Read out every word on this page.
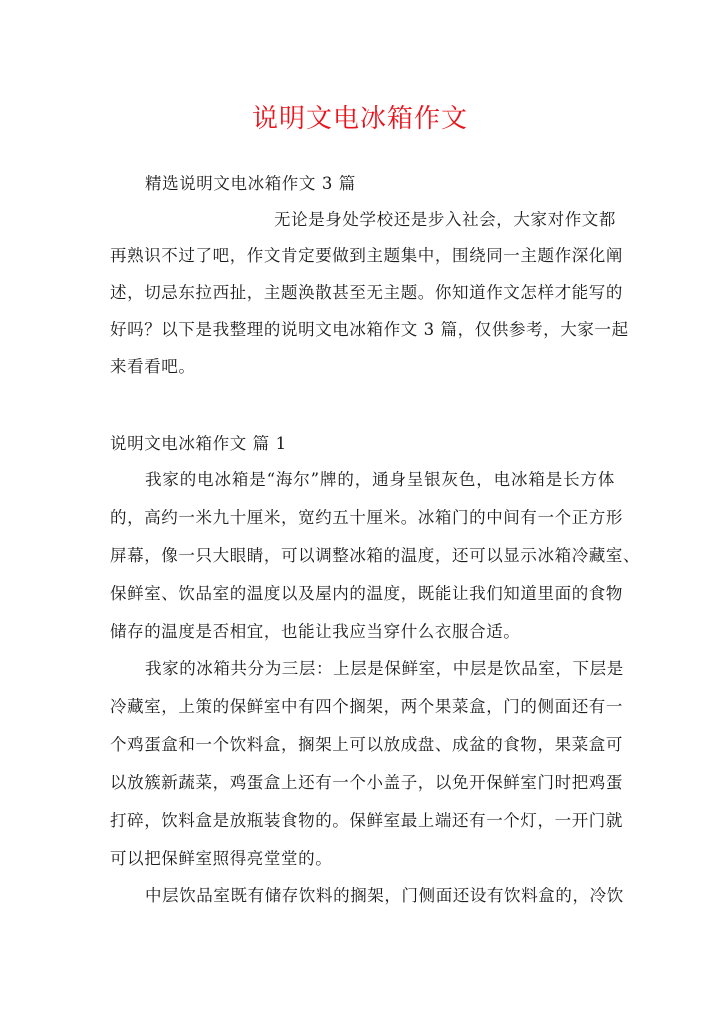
说明文电冰箱作文

精选说明文电冰箱作文 3 篇

无论是身处学校还是步入社会，大家对作文都

再熟识不过了吧，作文肯定要做到主题集中，围绕同一主题作深化阐

述，切忌东拉西扯，主题涣散甚至无主题。你知道作文怎样才能写的

好吗？以下是我整理的说明文电冰箱作文 3 篇，仅供参考，大家一起

来看看吧。

说明文电冰箱作文 篇 1

我家的电冰箱是“海尔”牌的，通身呈银灰色，电冰箱是长方体

的，高约一米九十厘米，宽约五十厘米。冰箱门的中间有一个正方形

屏幕，像一只大眼睛，可以调整冰箱的温度，还可以显示冰箱冷藏室、

保鲜室、饮品室的温度以及屋内的温度，既能让我们知道里面的食物

储存的温度是否相宜，也能让我应当穿什么衣服合适。

我家的冰箱共分为三层：上层是保鲜室，中层是饮品室，下层是

冷藏室，上策的保鲜室中有四个搁架，两个果菜盒，门的侧面还有一

个鸡蛋盒和一个饮料盒，搁架上可以放成盘、成盆的食物，果菜盒可

以放簇新蔬菜，鸡蛋盒上还有一个小盖子，以免开保鲜室门时把鸡蛋

打碎，饮料盒是放瓶装食物的。保鲜室最上端还有一个灯，一开门就

可以把保鲜室照得亮堂堂的。

中层饮品室既有储存饮料的搁架，门侧面还设有饮料盒的，冷饮
